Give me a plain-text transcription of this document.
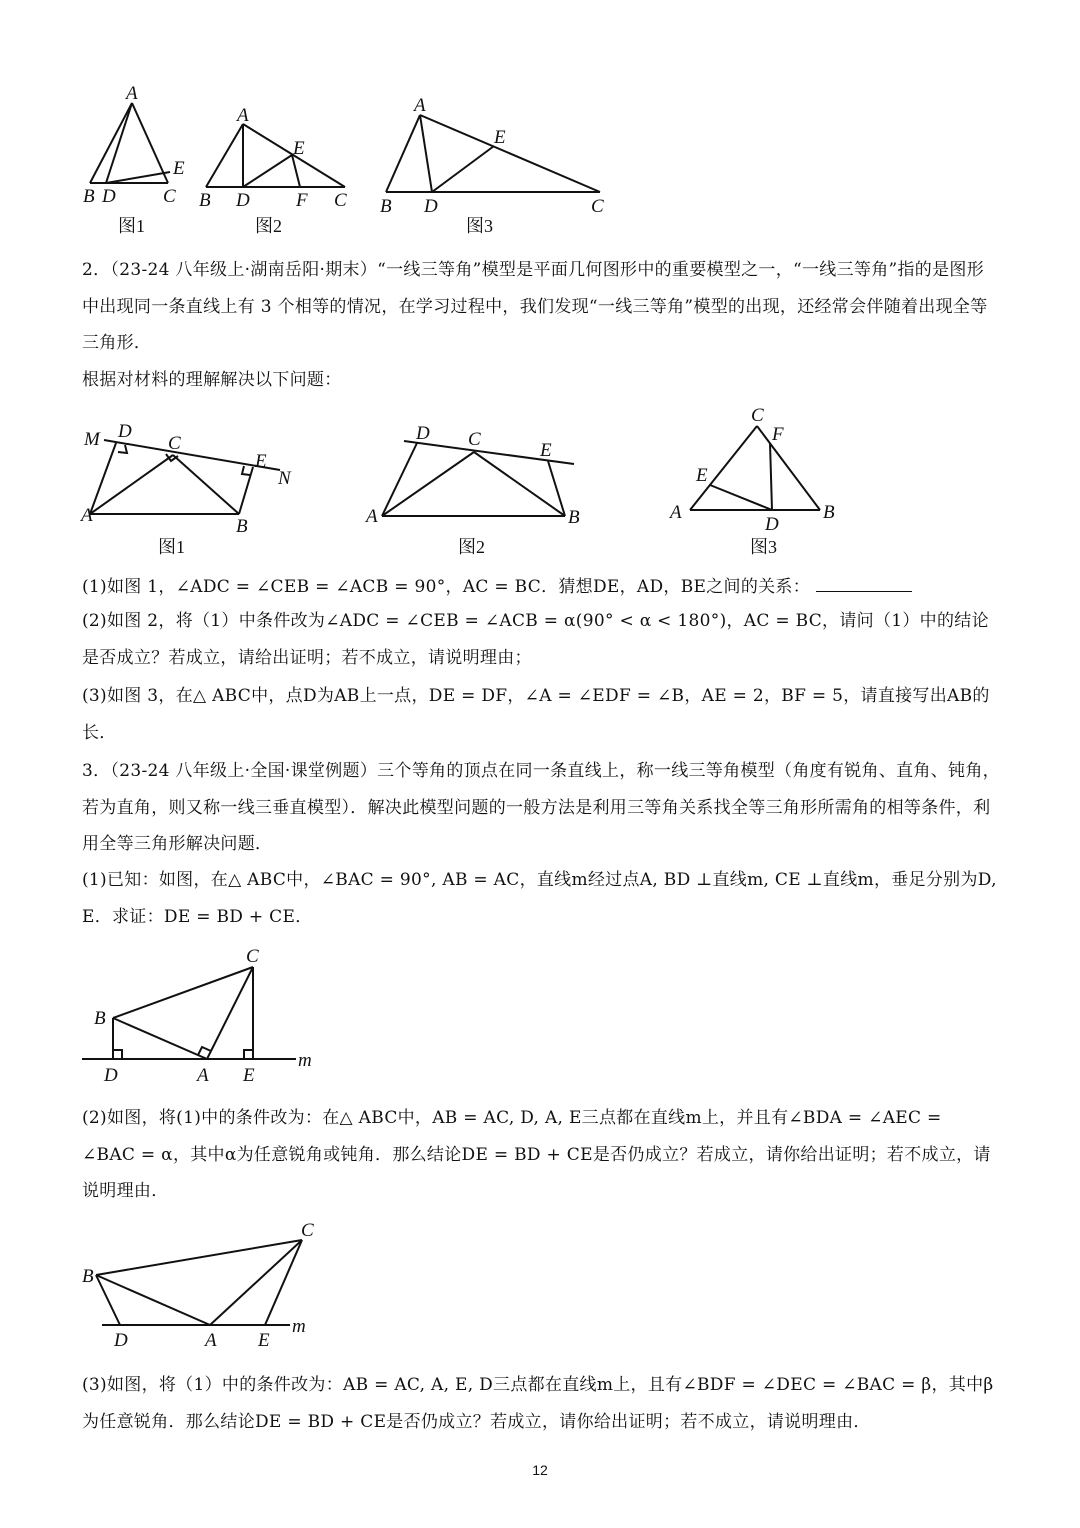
A
B D
E
C
图1
A
B D
E
F C
图2
A
B D
E
C
图3
2．（23-24 八年级上·湖南岳阳·期末）“一线三等角”模型是平面几何图形中的重要模型之一，“一线三等角”指的是图形中出现同一条直线上有 3 个相等的情况，在学习过程中，我们发现“一线三等角”模型的出现，还经常会伴随着出现全等三角形．
根据对材料的理解解决以下问题：
M D
C
E
N
A
B
图1
D C
E
A	B
图2
C
F
E
A
D
B
图3
(1)如图 1，∠ADC = ∠CEB = ∠ACB = 90°，AC = BC．猜想DE，AD，BE之间的关系：
(2)如图 2，将（1）中条件改为∠ADC = ∠CEB = ∠ACB = α(90° < α < 180°)，AC = BC，请问（1）中的结论是否成立？若成立，请给出证明；若不成立，请说明理由；
(3)如图 3，在△ ABC中，点D为AB上一点，DE = DF，∠A = ∠EDF = ∠B，AE = 2，BF = 5，请直接写出AB的长．
3．（23-24 八年级上·全国·课堂例题）三个等角的顶点在同一条直线上，称一线三等角模型（角度有锐角、直角、钝角，若为直角，则又称一线三垂直模型）．解决此模型问题的一般方法是利用三等角关系找全等三角形所需角的相等条件，利用全等三角形解决问题．
(1)已知：如图，在△ ABC中，∠BAC = 90°, AB = AC，直线m经过点A, BD ⊥直线m, CE ⊥直线m，垂足分别为D, E．求证：DE = BD + CE．
C
B
D	A E
m
(2)如图，将(1)中的条件改为：在△ ABC中，AB = AC, D, A, E三点都在直线m上，并且有∠BDA = ∠AEC = ∠BAC = α，其中α为任意锐角或钝角．那么结论DE = BD + CE是否仍成立？若成立，请你给出证明；若不成立，请说明理由．
C
B
D	A E
m
(3)如图，将（1）中的条件改为：AB = AC, A, E, D三点都在直线m上，且有∠BDF = ∠DEC = ∠BAC = β，其中β为任意锐角．那么结论DE = BD + CE是否仍成立？若成立，请你给出证明；若不成立，请说明理由．
12
